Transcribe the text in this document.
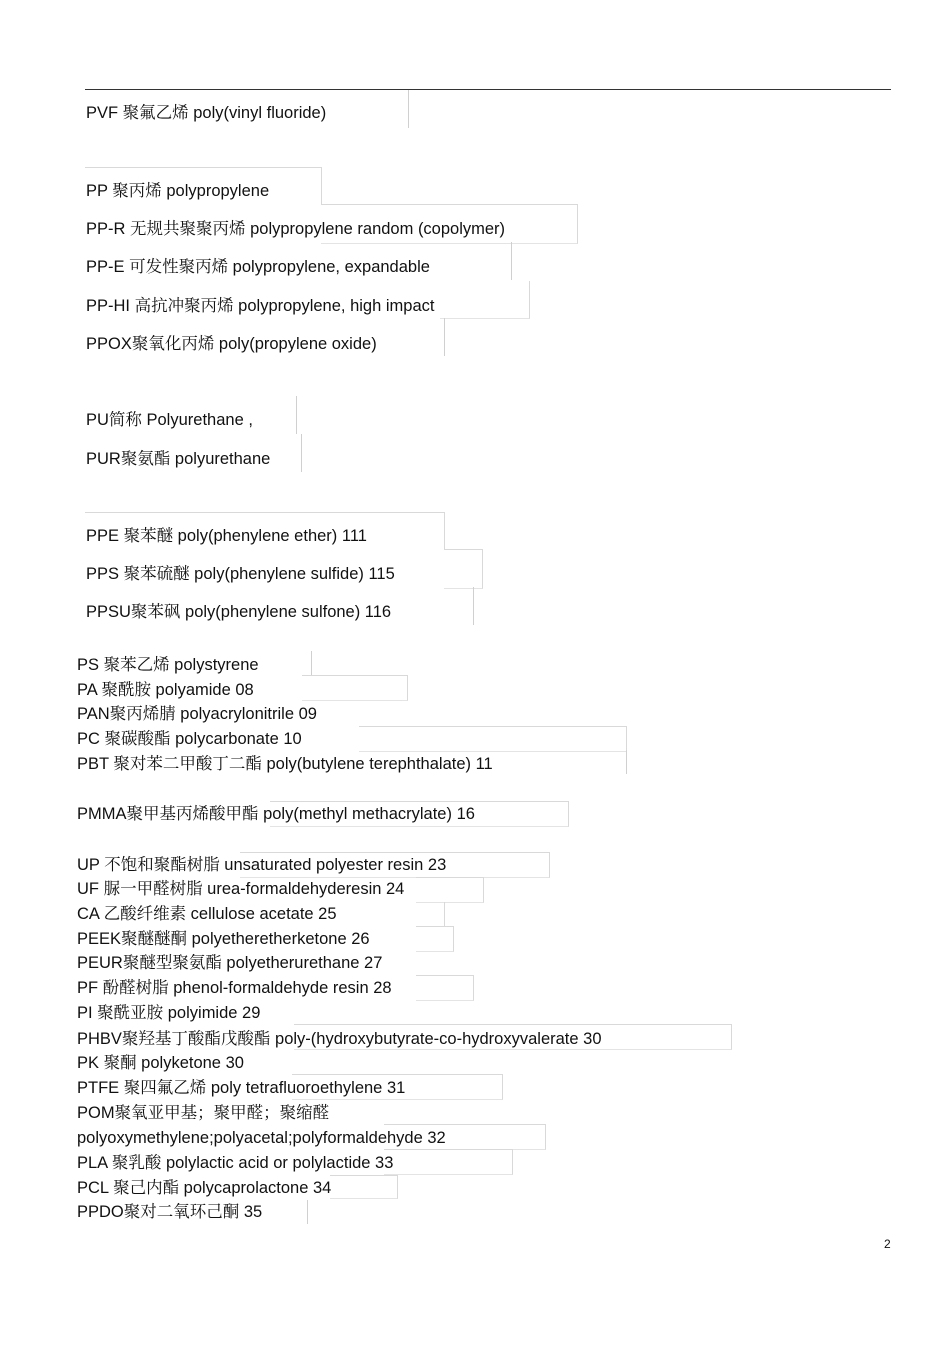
PVF 聚氟乙烯 poly(vinyl fluoride)
PP 聚丙烯 polypropylene
PP-R 无规共聚聚丙烯 polypropylene random (copolymer)
PP-E 可发性聚丙烯 polypropylene, expandable
PP-HI 高抗冲聚丙烯 polypropylene, high impact
PPOX聚氧化丙烯 poly(propylene oxide)
PU简称 Polyurethane ,
PUR聚氨酯 polyurethane
PPE 聚苯醚 poly(phenylene ether) 111
PPS 聚苯硫醚 poly(phenylene sulfide) 115
PPSU聚苯砜 poly(phenylene sulfone) 116
PS 聚苯乙烯 polystyrene
PA 聚酰胺 polyamide 08
PAN聚丙烯腈 polyacrylonitrile 09
PC 聚碳酸酯 polycarbonate 10
PBT 聚对苯二甲酸丁二酯 poly(butylene terephthalate) 11
PMMA聚甲基丙烯酸甲酯 poly(methyl methacrylate) 16
UP 不饱和聚酯树脂 unsaturated polyester resin 23
UF 脲一甲醛树脂 urea-formaldehyderesin 24
CA 乙酸纤维素 cellulose acetate 25
PEEK聚醚醚酮 polyetheretherketone 26
PEUR聚醚型聚氨酯 polyetherurethane 27
PF 酚醛树脂 phenol-formaldehyde resin 28
PI 聚酰亚胺 polyimide 29
PHBV聚羟基丁酸酯戊酸酯 poly-(hydroxybutyrate-co-hydroxyvalerate 30
PK 聚酮 polyketone 30
PTFE 聚四氟乙烯 poly tetrafluoroethylene 31
POM聚氧亚甲基；聚甲醛；聚缩醛
polyoxymethylene;polyacetal;polyformaldehyde 32
PLA 聚乳酸 polylactic acid or polylactide 33
PCL 聚己内酯 polycaprolactone 34
PPDO聚对二氧环己酮 35
2
